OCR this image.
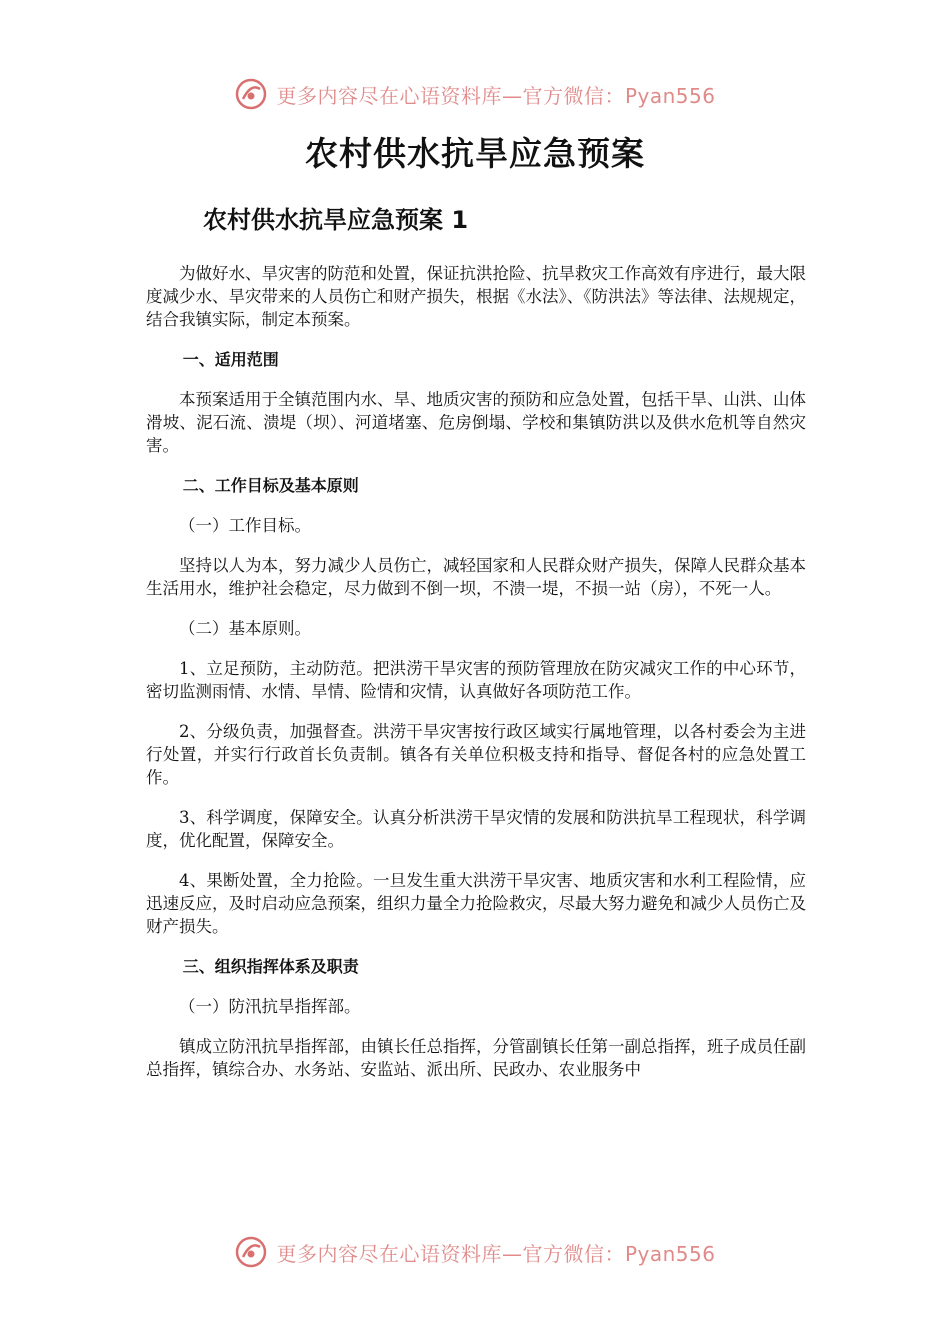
更多内容尽在心语资料库—官方微信：Pyan556
农村供水抗旱应急预案
农村供水抗旱应急预案 1

为做好水、旱灾害的防范和处置，保证抗洪抢险、抗旱救灾工作高效有序进行，最大限度减少水、旱灾带来的人员伤亡和财产损失，根据《水法》、《防洪法》等法律、法规规定，结合我镇实际，制定本预案。

一、适用范围

本预案适用于全镇范围内水、旱、地质灾害的预防和应急处置，包括干旱、山洪、山体滑坡、泥石流、溃堤（坝）、河道堵塞、危房倒塌、学校和集镇防洪以及供水危机等自然灾害。

二、工作目标及基本原则

（一）工作目标。

坚持以人为本，努力减少人员伤亡，减轻国家和人民群众财产损失，保障人民群众基本生活用水，维护社会稳定，尽力做到不倒一坝，不溃一堤，不损一站（房），不死一人。

（二）基本原则。

1、立足预防，主动防范。把洪涝干旱灾害的预防管理放在防灾减灾工作的中心环节，密切监测雨情、水情、旱情、险情和灾情，认真做好各项防范工作。

2、分级负责，加强督查。洪涝干旱灾害按行政区域实行属地管理，以各村委会为主进行处置，并实行行政首长负责制。镇各有关单位积极支持和指导、督促各村的应急处置工作。

3、科学调度，保障安全。认真分析洪涝干旱灾情的发展和防洪抗旱工程现状，科学调度，优化配置，保障安全。

4、果断处置，全力抢险。一旦发生重大洪涝干旱灾害、地质灾害和水利工程险情，应迅速反应，及时启动应急预案，组织力量全力抢险救灾，尽最大努力避免和减少人员伤亡及财产损失。

三、组织指挥体系及职责

（一）防汛抗旱指挥部。

镇成立防汛抗旱指挥部，由镇长任总指挥，分管副镇长任第一副总指挥，班子成员任副总指挥，镇综合办、水务站、安监站、派出所、民政办、农业服务中

更多内容尽在心语资料库—官方微信：Pyan556
